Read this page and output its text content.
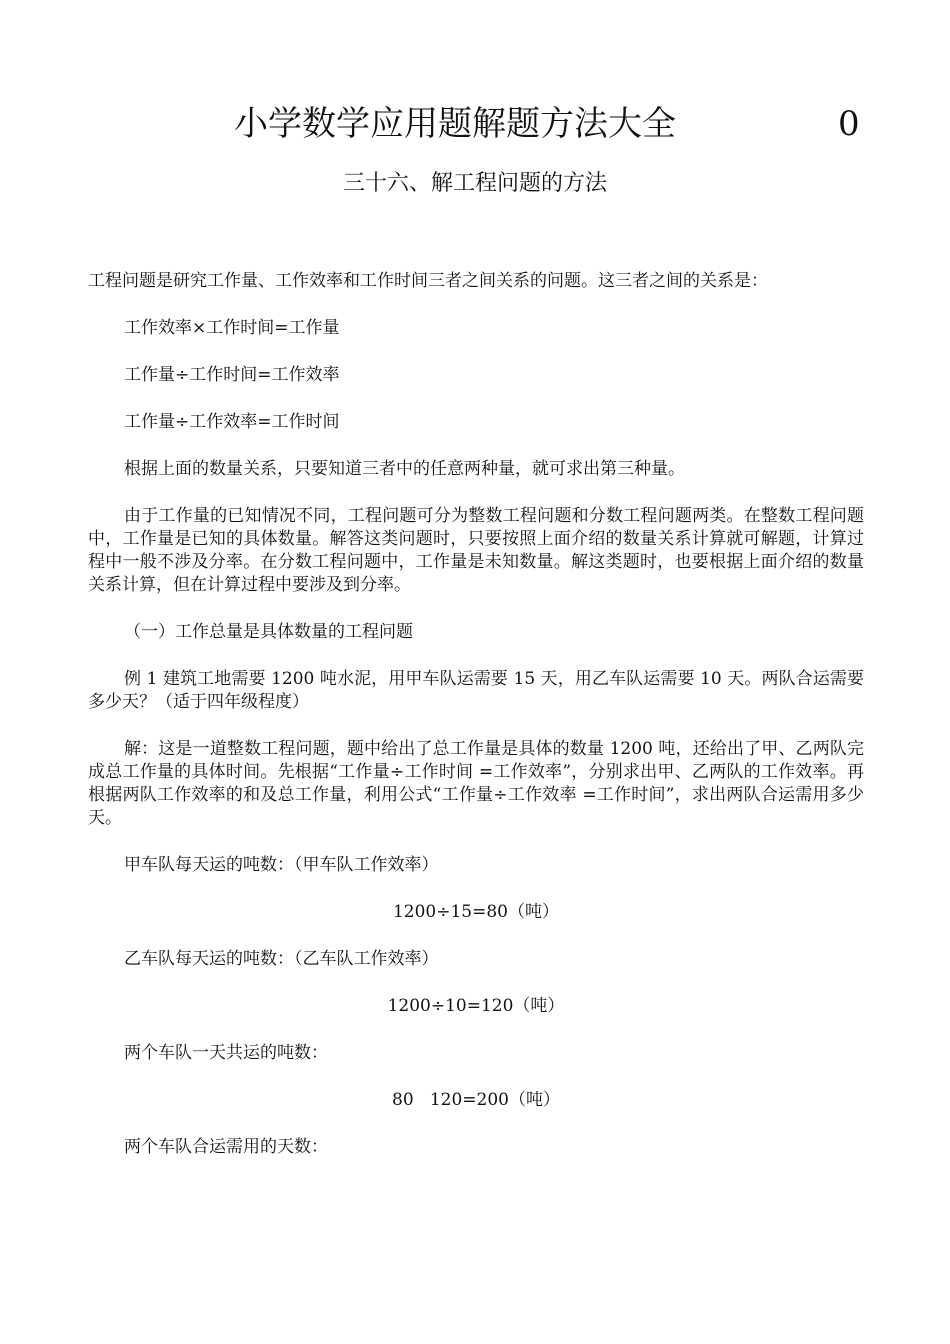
小学数学应用题解题方法大全	0
三十六、解工程问题的方法

工程问题是研究工作量、工作效率和工作时间三者之间关系的问题。这三者之间的关系是：

工作效率×工作时间=工作量

工作量÷工作时间=工作效率

工作量÷工作效率=工作时间

根据上面的数量关系，只要知道三者中的任意两种量，就可求出第三种量。

由于工作量的已知情况不同，工程问题可分为整数工程问题和分数工程问题两类。在整数工程问题中，工作量是已知的具体数量。解答这类问题时，只要按照上面介绍的数量关系计算就可解题，计算过程中一般不涉及分率。在分数工程问题中，工作量是未知数量。解这类题时，也要根据上面介绍的数量关系计算，但在计算过程中要涉及到分率。

（一）工作总量是具体数量的工程问题

例 1 建筑工地需要 1200 吨水泥，用甲车队运需要 15 天，用乙车队运需要 10 天。两队合运需要多少天？（适于四年级程度）

解：这是一道整数工程问题，题中给出了总工作量是具体的数量 1200 吨，还给出了甲、乙两队完成总工作量的具体时间。先根据“工作量÷工作时间 =工作效率”，分别求出甲、乙两队的工作效率。再根据两队工作效率的和及总工作量，利用公式“工作量÷工作效率 =工作时间”，求出两队合运需用多少天。

甲车队每天运的吨数：（甲车队工作效率）

1200÷15=80（吨）

乙车队每天运的吨数：（乙车队工作效率）

1200÷10=120（吨）

两个车队一天共运的吨数：

80   120=200（吨）

两个车队合运需用的天数：
